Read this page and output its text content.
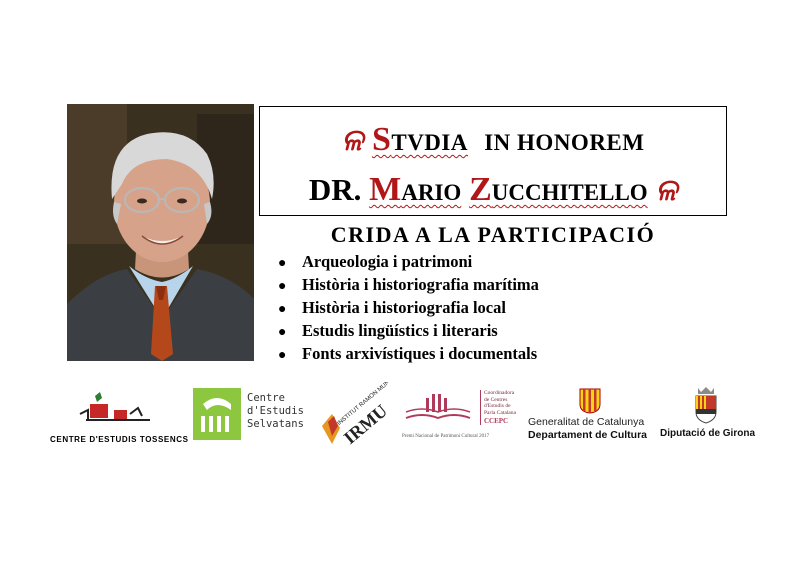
ଳ STVDIA IN HONOREM
DR. MARIO ZUCCHITELLO ଳ
CRIDA A LA PARTICIPACIÓ
● Arqueologia i patrimoni
● Història i historiografia marítima
● Història i historiografia local
● Estudis lingüístics i literaris
● Fonts arxivístiques i documentals
CENTRE D'ESTUDIS TOSSENCS
Centre
d'Estudis
Selvatans	INSTITUT RAMON
IRMU
Coordinadora
de Centres
d'Estudis de
Parla Catalana
CCEPC
Premi Nacional de Patrimoni Cultural 2017
Generalitat de Catalunya
Departament de Cultura Diputació de Girona
